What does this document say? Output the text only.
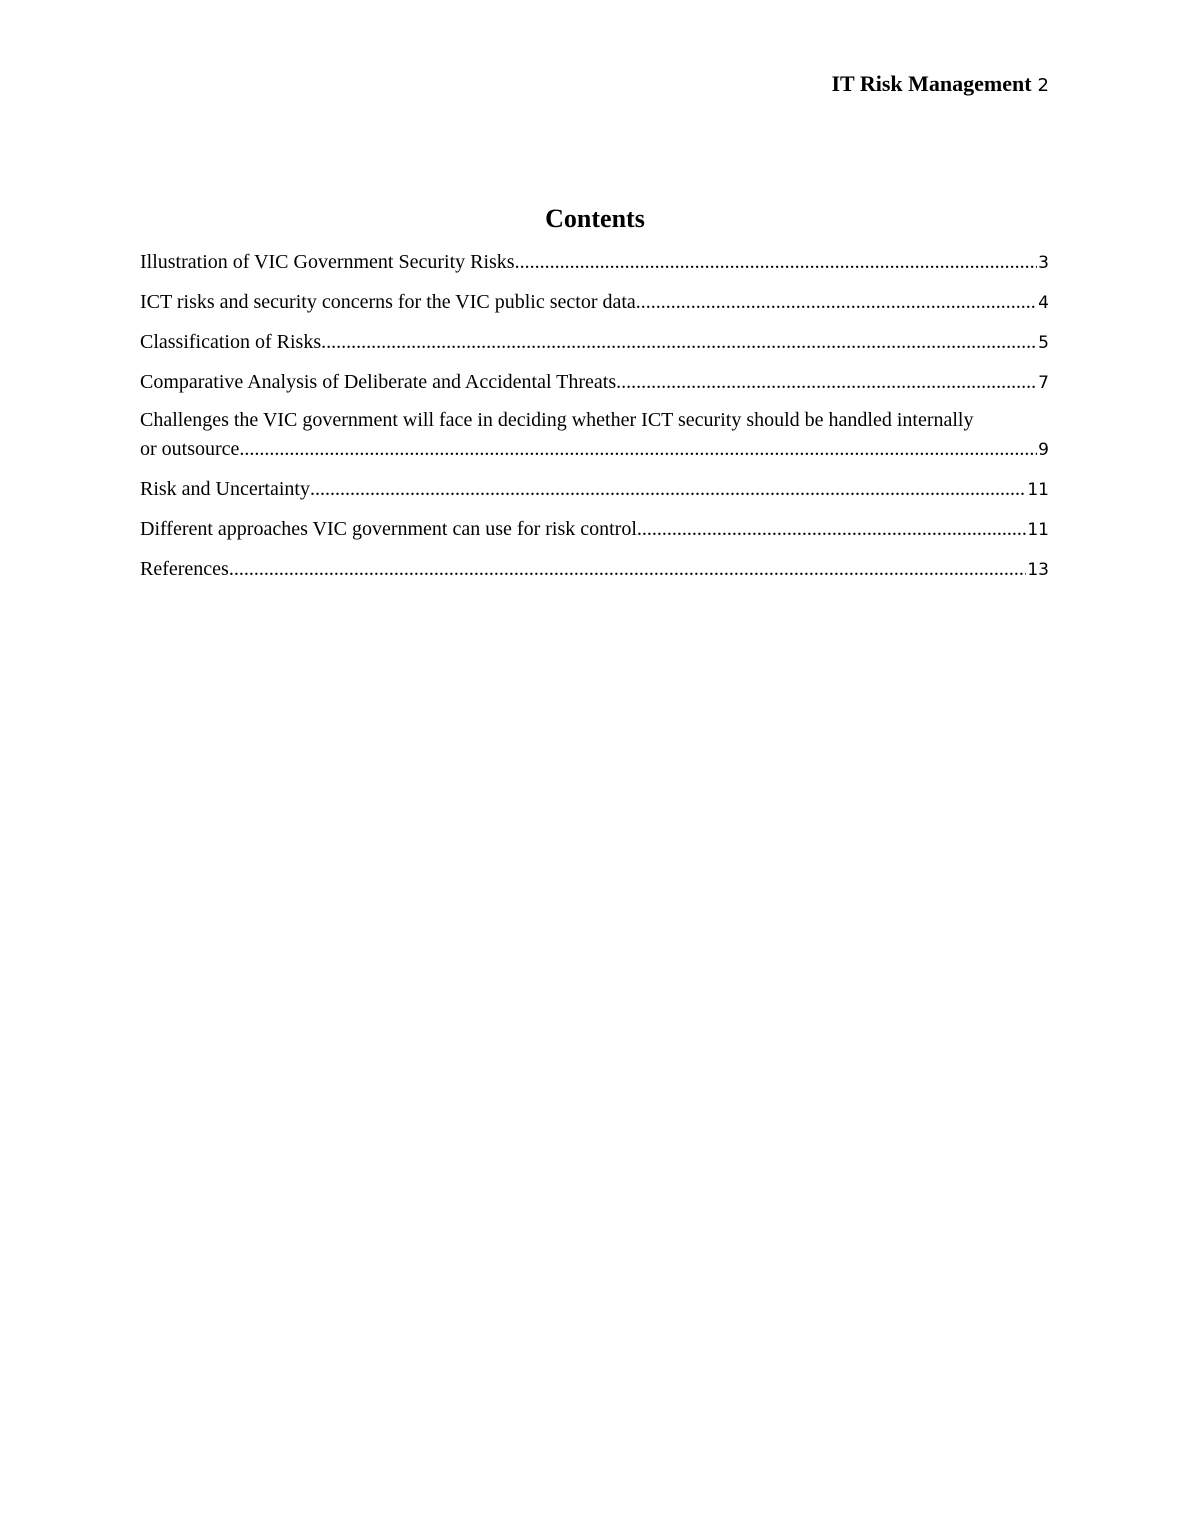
IT Risk Management 2
Contents
Illustration of VIC Government Security Risks .....	3
ICT risks and security concerns for the VIC public sector data .....	4
Classification of Risks .....	5
Comparative Analysis of Deliberate and Accidental Threats .....	7
Challenges the VIC government will face in deciding whether ICT security should be handled internally
or outsource .....	9
Risk and Uncertainty .....	11
Different approaches VIC government can use for risk control .....	11
References .....	13
